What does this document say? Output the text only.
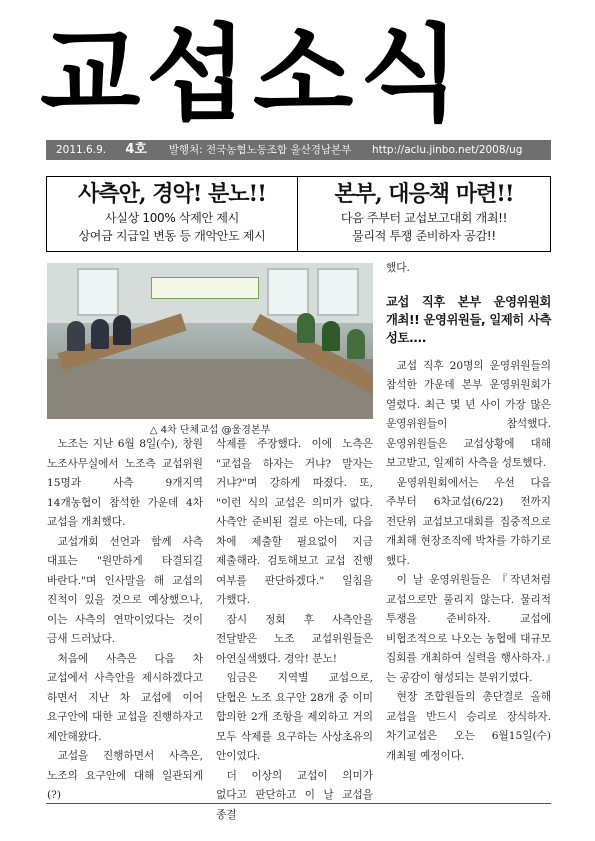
교섭소식
2011.6.9. 4호 발행처: 전국농협노동조합 울산경남본부 http://aclu.jinbo.net/2008/ug
사측안, 경악! 분노!!
사실상 100% 삭제안 제시
상여금 지급일 변동 등 개악안도 제시
본부, 대응책 마련!!
다음 주부터 교섭보고대회 개최!!
물리적 투쟁 준비하자 공감!!
△ 4차 단체교섭 @울경본부

노조는 지난 6월 8일(수), 창원 노조사무실에서 노조측 교섭위원 15명과 사측 9개지역 14개농협이 참석한 가운데 4차 교섭을 개최했다.

교섭개회 선언과 함께 사측 대표는 "원만하게 타결되길 바란다."며 인사말을 해 교섭의 진척이 있을 것으로 예상했으나, 이는 사측의 연막이었다는 것이 금새 드러났다.

처음에 사측은 다음 차 교섭에서 사측안을 제시하겠다고 하면서 지난 차 교섭에 이어 요구안에 대한 교섭을 진행하자고 제안해왔다.

교섭을 진행하면서 사측은, 노조의 요구안에 대해 일관되게(?)

삭제를 주장했다. 이에 노측은 "교섭을 하자는 거냐? 말자는 거냐?"며 강하게 따졌다. 또, "이런 식의 교섭은 의미가 없다. 사측안 준비된 걸로 아는데, 다음 차에 제출할 필요없이 지금 제출해라. 검토해보고 교섭 진행 여부를 판단하겠다." 일침을 가했다.

잠시 정회 후 사측안을 전달받은 노조 교섭위원들은 아연실색했다. 경악! 분노!

임금은 지역별 교섭으로, 단협은 노조 요구안 28개 중 이미 합의한 2개 조항을 제외하고 거의 모두 삭제를 요구하는 사상초유의 안이었다.

더 이상의 교섭이 의미가 없다고 판단하고 이 날 교섭을 종결

했다.

교섭 직후 본부 운영위원회 개최!! 운영위원들, 일제히 사측 성토....

교섭 직후 20명의 운영위원들의 참석한 가운데 본부 운영위원회가 열렸다. 최근 몇 년 사이 가장 많은 운영위원들이 참석했다. 운영위원들은 교섭상황에 대해 보고받고, 일제히 사측을 성토했다.

운영위원회에서는 우선 다음 주부터 6차교섭(6/22) 전까지 전단위 교섭보고대회를 집중적으로 개최해 현장조직에 박차를 가하기로 했다.

이 날 운영위원들은 『작년처럼 교섭으로만 풀리지 않는다. 물리적 투쟁을 준비하자. 교섭에 비협조적으로 나오는 농협에 대규모 집회를 개최하여 실력을 행사하자.』는 공감이 형성되는 분위기였다.

현장 조합원들의 총단결로 올해 교섭을 반드시 승리로 장식하자. 차기교섭은 오는 6월15일(수)개최될 예정이다.
